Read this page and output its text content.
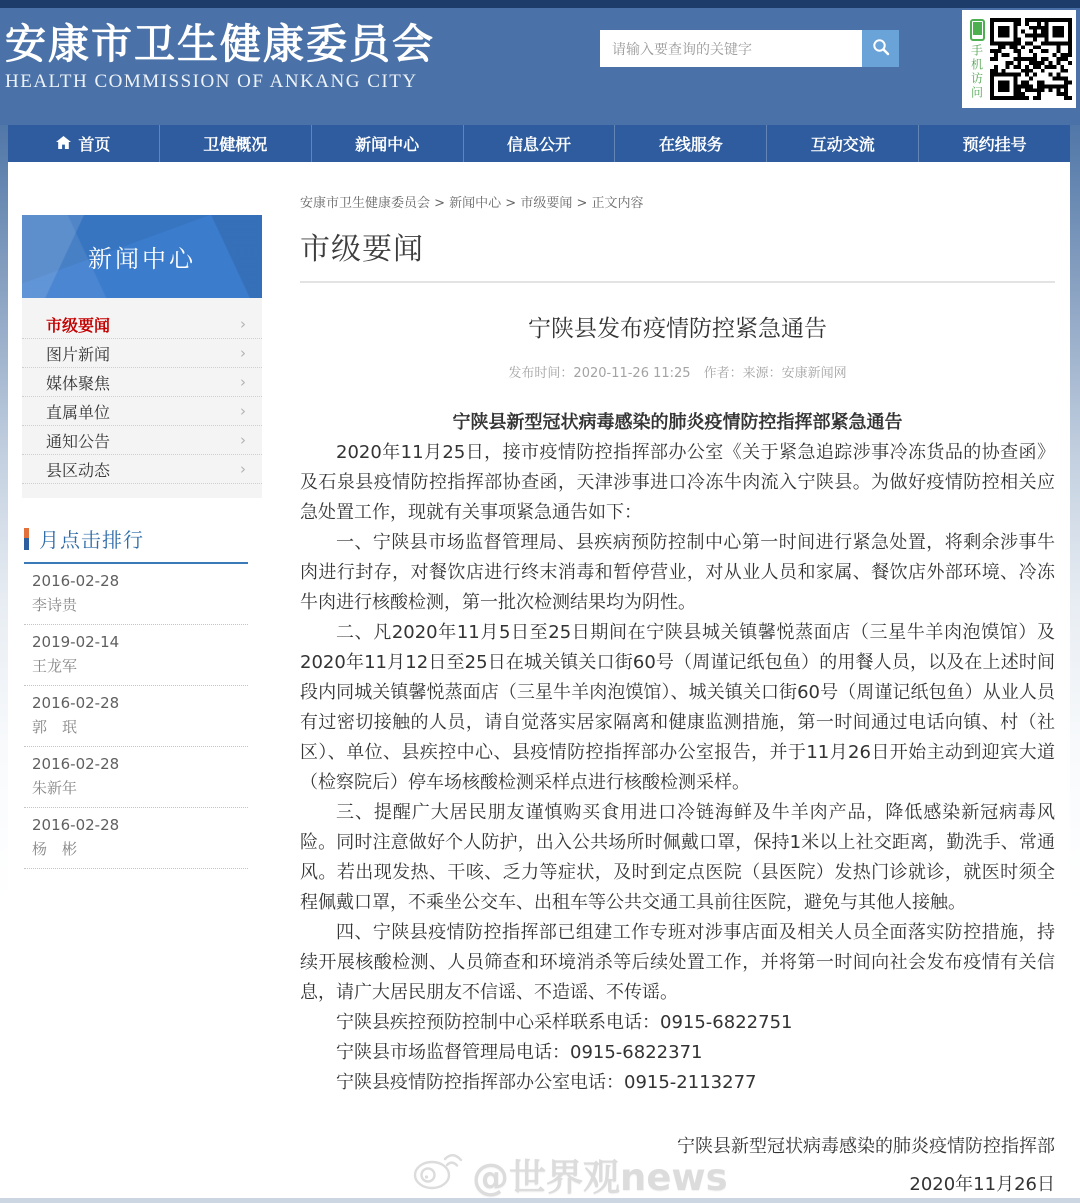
安康市卫生健康委员会
HEALTH COMMISSION OF ANKANG CITY
请输入要查询的关键字	手机访问
首页	卫健概况	新闻中心	信息公开	在线服务	互动交流	预约挂号
新闻中心
市级要闻	›
图片新闻	›
媒体聚焦	›
直属单位	›
通知公告	›
县区动态	›
月点击排行
2016-02-28
李诗贵
2019-02-14
王龙军
2016-02-28
郭　珉
2016-02-28
朱新年
2016-02-28
杨　彬
安康市卫生健康委员会 > 新闻中心 > 市级要闻 > 正文内容
市级要闻
宁陕县发布疫情防控紧急通告
发布时间：2020-11-26 11:25　作者：来源：安康新闻网

宁陕县新型冠状病毒感染的肺炎疫情防控指挥部紧急通告

2020年11月25日，接市疫情防控指挥部办公室《关于紧急追踪涉事冷冻货品的协查函》及石泉县疫情防控指挥部协查函，天津涉事进口冷冻牛肉流入宁陕县。为做好疫情防控相关应急处置工作，现就有关事项紧急通告如下：

一、宁陕县市场监督管理局、县疾病预防控制中心第一时间进行紧急处置，将剩余涉事牛肉进行封存，对餐饮店进行终末消毒和暂停营业，对从业人员和家属、餐饮店外部环境、冷冻牛肉进行核酸检测，第一批次检测结果均为阴性。

二、凡2020年11月5日至25日期间在宁陕县城关镇馨悦蒸面店（三星牛羊肉泡馍馆）及2020年11月12日至25日在城关镇关口街60号（周谨记纸包鱼）的用餐人员，以及在上述时间段内同城关镇馨悦蒸面店（三星牛羊肉泡馍馆）、城关镇关口街60号（周谨记纸包鱼）从业人员有过密切接触的人员，请自觉落实居家隔离和健康监测措施，第一时间通过电话向镇、村（社区）、单位、县疾控中心、县疫情防控指挥部办公室报告，并于11月26日开始主动到迎宾大道（检察院后）停车场核酸检测采样点进行核酸检测采样。

三、提醒广大居民朋友谨慎购买食用进口冷链海鲜及牛羊肉产品，降低感染新冠病毒风险。同时注意做好个人防护，出入公共场所时佩戴口罩，保持1米以上社交距离，勤洗手、常通风。若出现发热、干咳、乏力等症状，及时到定点医院（县医院）发热门诊就诊，就医时须全程佩戴口罩，不乘坐公交车、出租车等公共交通工具前往医院，避免与其他人接触。

四、宁陕县疫情防控指挥部已组建工作专班对涉事店面及相关人员全面落实防控措施，持续开展核酸检测、人员筛查和环境消杀等后续处置工作，并将第一时间向社会发布疫情有关信息，请广大居民朋友不信谣、不造谣、不传谣。

宁陕县疾控预防控制中心采样联系电话：0915-6822751

宁陕县市场监督管理局电话：0915-6822371

宁陕县疫情防控指挥部办公室电话：0915-2113277

宁陕县新型冠状病毒感染的肺炎疫情防控指挥部
2020年11月26日
@世界观news
